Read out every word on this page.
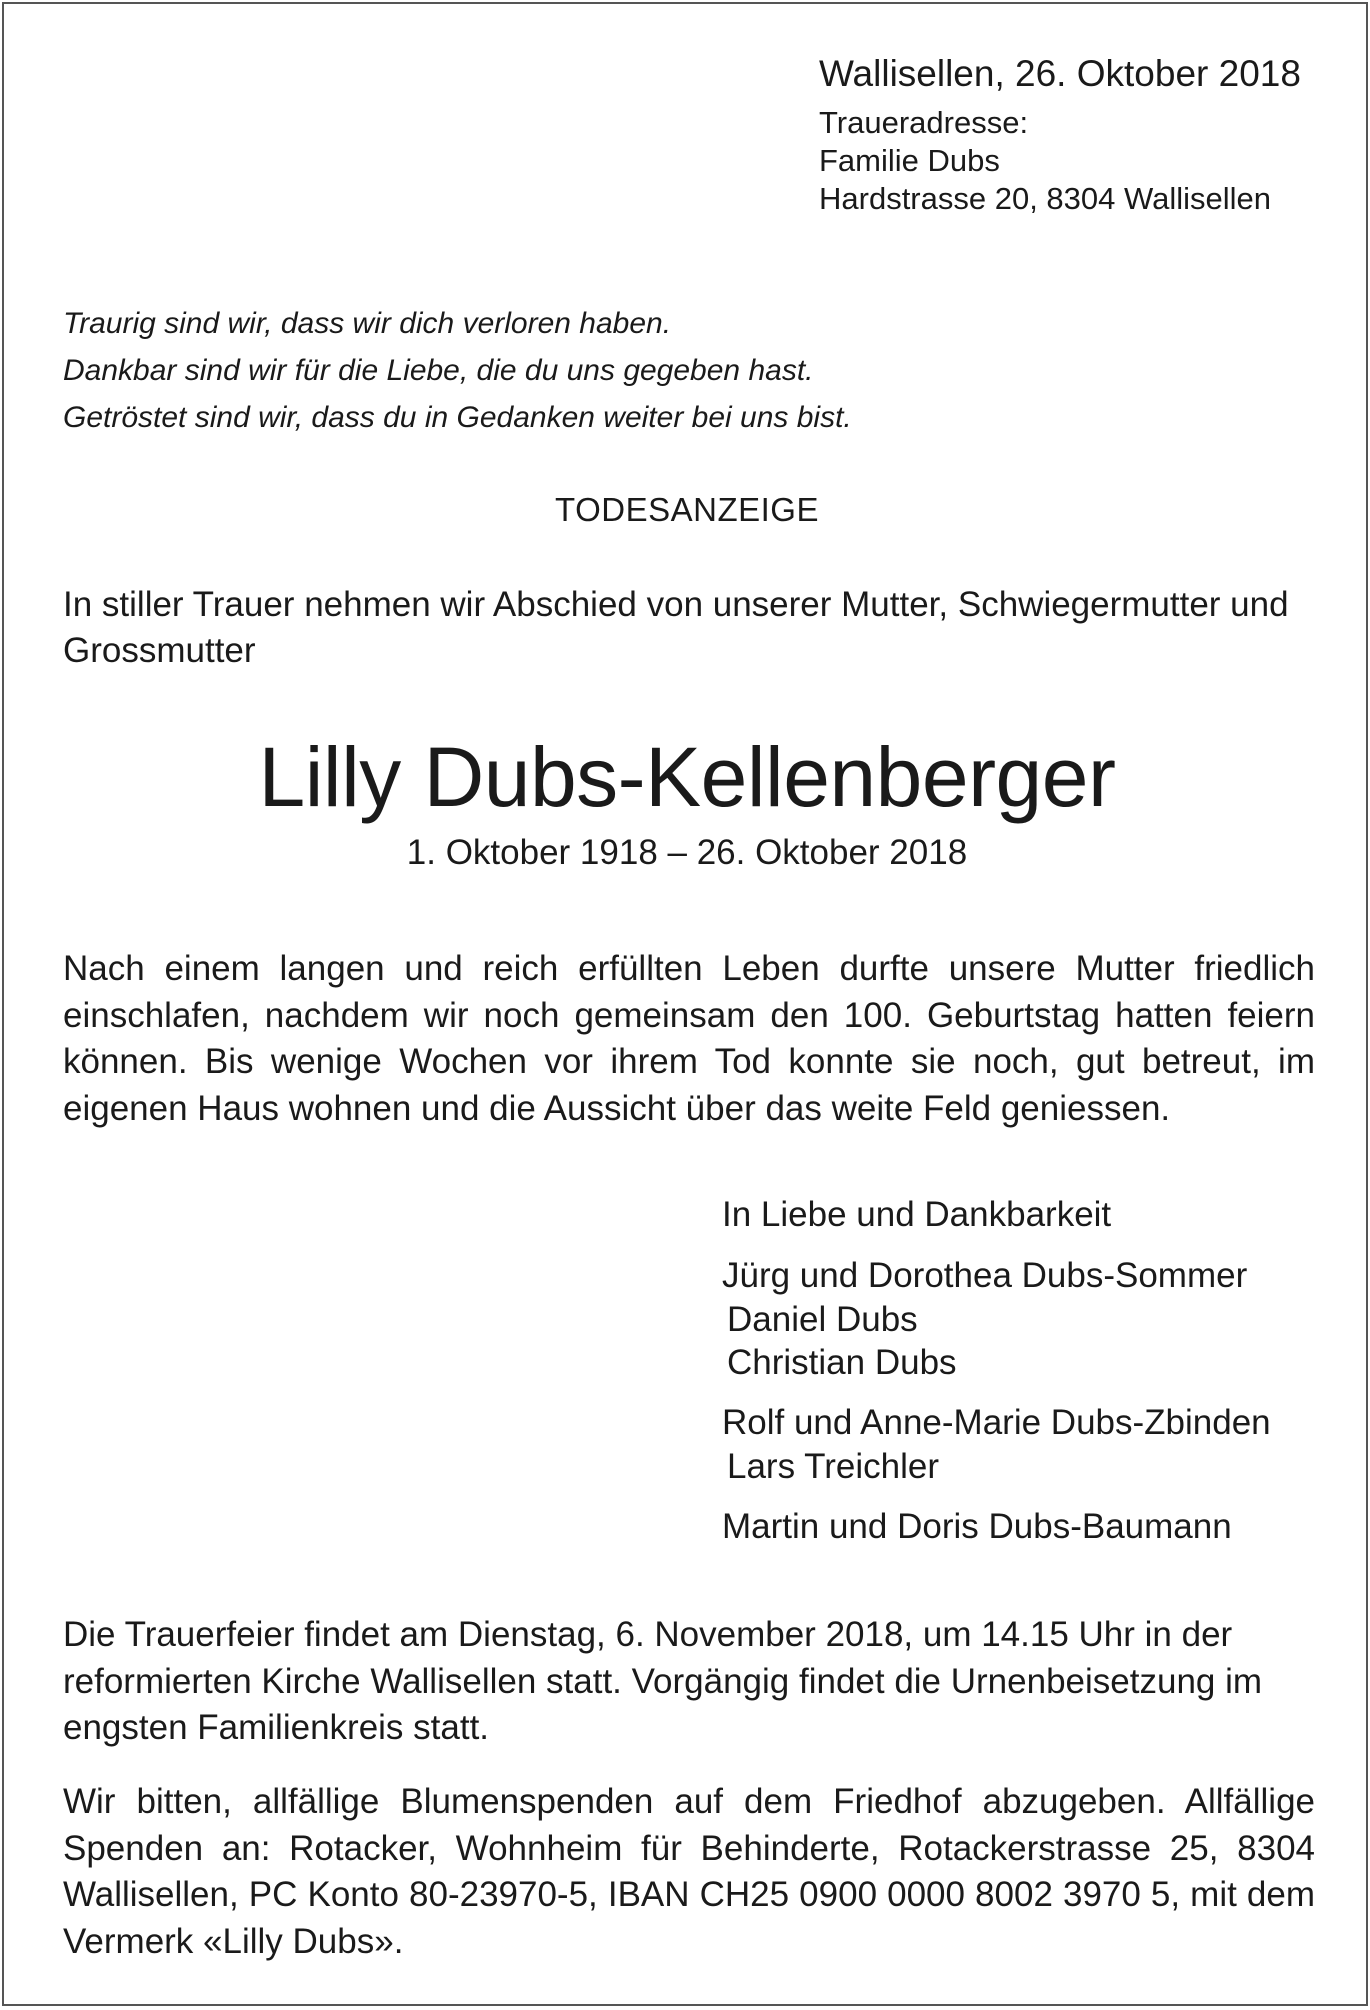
Wallisellen, 26. Oktober 2018

Traueradresse:
Familie Dubs
Hardstrasse 20, 8304 Wallisellen
Traurig sind wir, dass wir dich verloren haben.
Dankbar sind wir für die Liebe, die du uns gegeben hast.
Getröstet sind wir, dass du in Gedanken weiter bei uns bist.
TODESANZEIGE
In stiller Trauer nehmen wir Abschied von unserer Mutter, Schwiegermutter und Grossmutter
Lilly Dubs-Kellenberger
1. Oktober 1918 – 26. Oktober 2018
Nach einem langen und reich erfüllten Leben durfte unsere Mutter friedlich einschlafen, nachdem wir noch gemeinsam den 100. Geburtstag hatten feiern können. Bis wenige Wochen vor ihrem Tod konnte sie noch, gut betreut, im eigenen Haus wohnen und die Aussicht über das weite Feld geniessen.
In Liebe und Dankbarkeit
Jürg und Dorothea Dubs-Sommer
Daniel Dubs
Christian Dubs
Rolf und Anne-Marie Dubs-Zbinden
Lars Treichler
Martin und Doris Dubs-Baumann
Die Trauerfeier findet am Dienstag, 6. November 2018, um 14.15 Uhr in der reformierten Kirche Wallisellen statt. Vorgängig findet die Urnenbeisetzung im engsten Familienkreis statt.
Wir bitten, allfällige Blumenspenden auf dem Friedhof abzugeben. Allfällige Spenden an: Rotacker, Wohnheim für Behinderte, Rotackerstrasse 25, 8304 Wallisellen, PC Konto 80-23970-5, IBAN CH25 0900 0000 8002 3970 5, mit dem Vermerk «Lilly Dubs».
